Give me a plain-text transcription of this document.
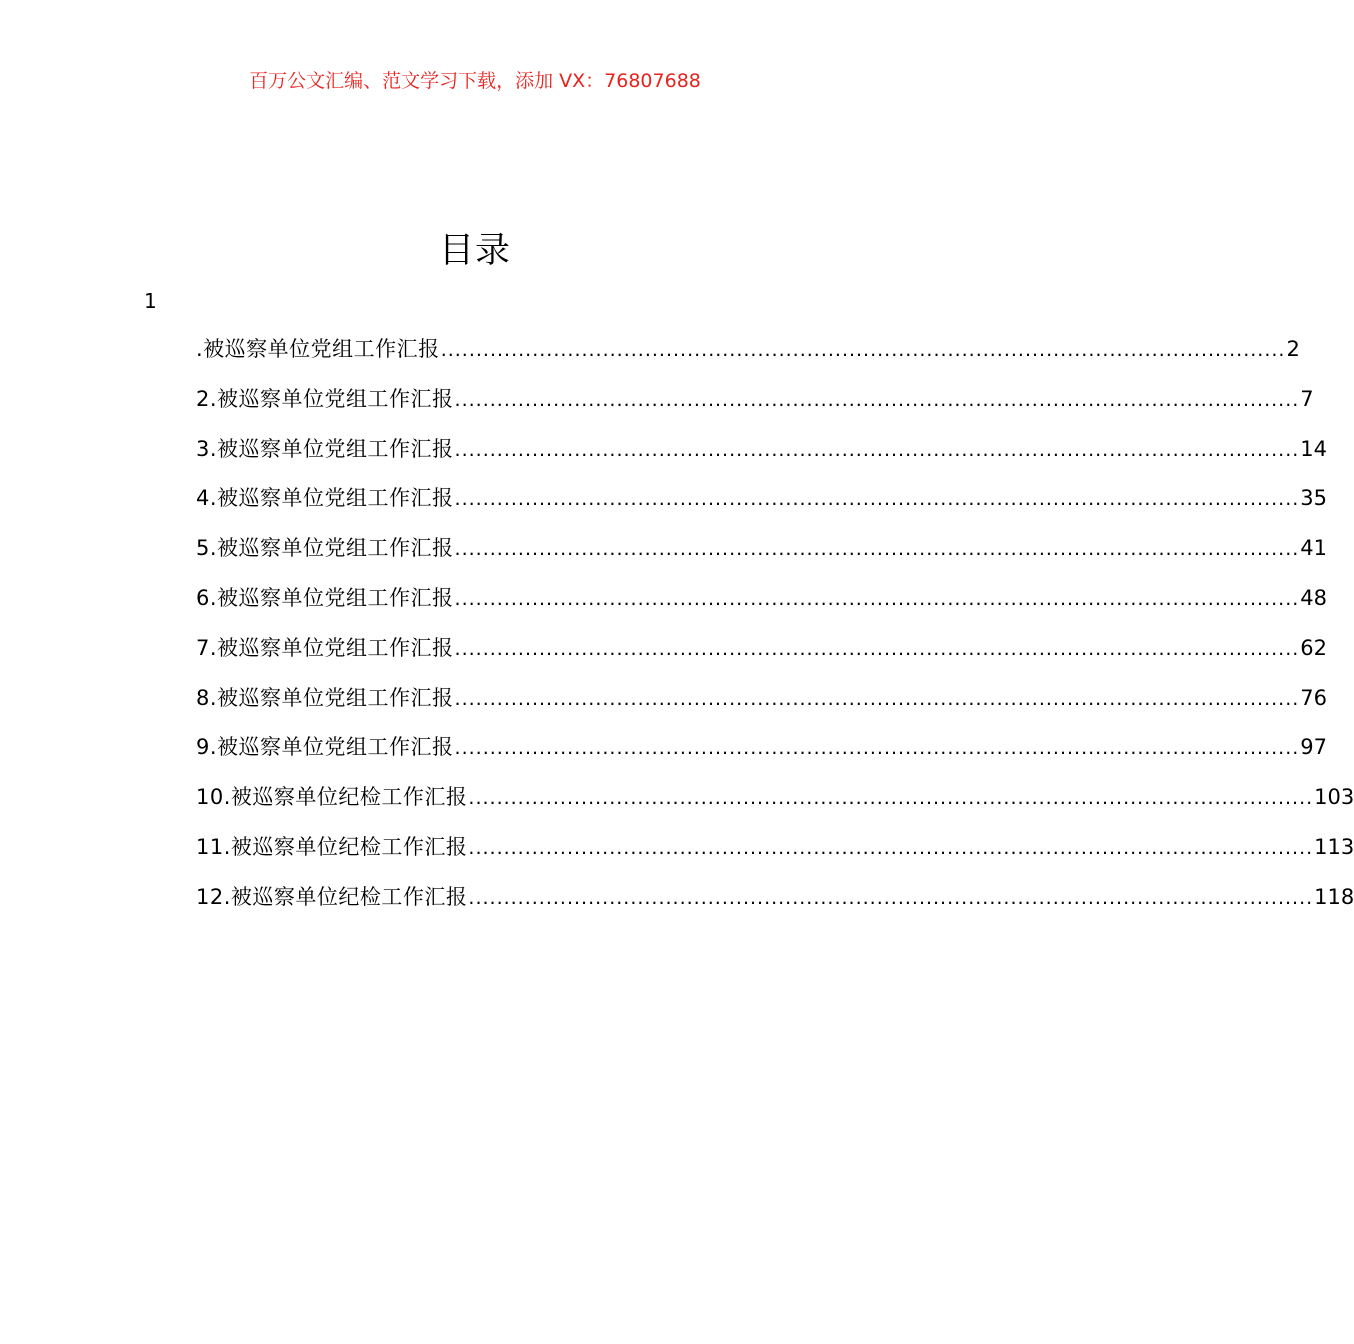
百万公文汇编、范文学习下载，添加 VX：76807688
目录
1
.被巡察单位党组工作汇报 ........................................................................................................................ 2
2.被巡察单位党组工作汇报 ........................................................................................................................ 7
3.被巡察单位党组工作汇报 ........................................................................................................................ 14
4.被巡察单位党组工作汇报 ........................................................................................................................ 35
5.被巡察单位党组工作汇报 ........................................................................................................................ 41
6.被巡察单位党组工作汇报 ........................................................................................................................ 48
7.被巡察单位党组工作汇报 ........................................................................................................................ 62
8.被巡察单位党组工作汇报 ........................................................................................................................ 76
9.被巡察单位党组工作汇报 ........................................................................................................................ 97
10.被巡察单位纪检工作汇报 ........................................................................................................................ 103
11.被巡察单位纪检工作汇报 ........................................................................................................................ 113
12.被巡察单位纪检工作汇报 ........................................................................................................................ 118
